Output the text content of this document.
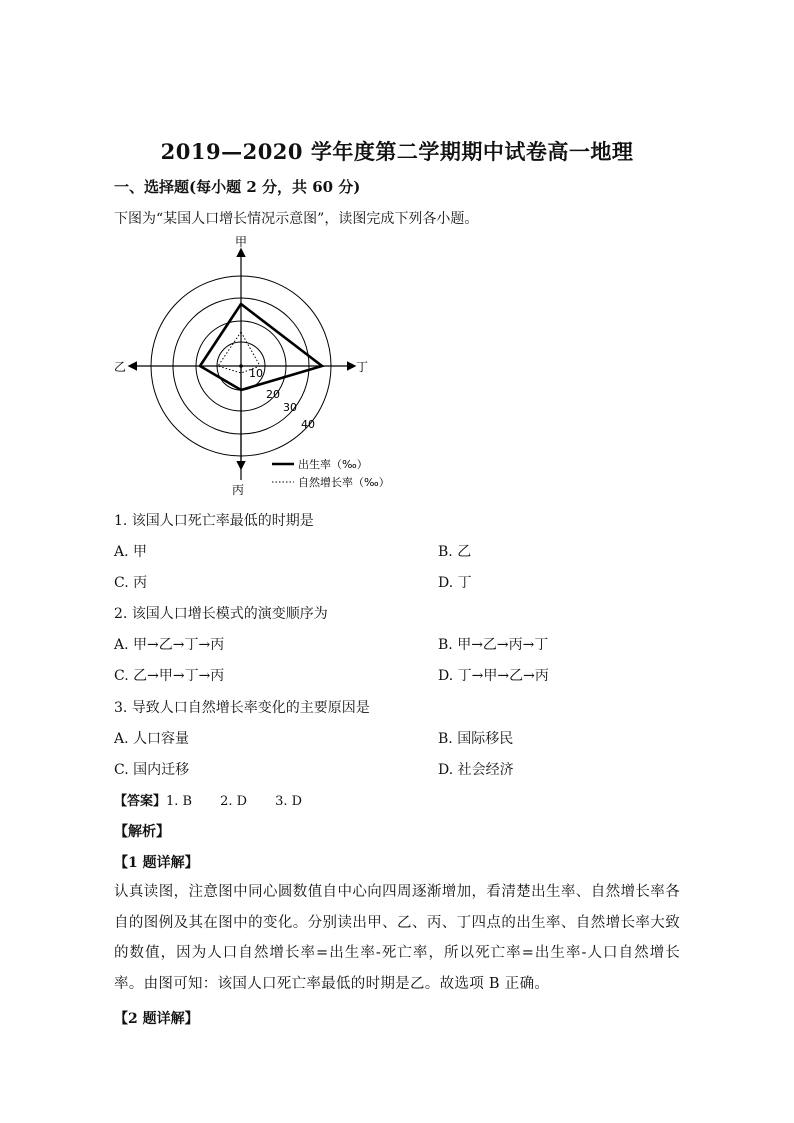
2019—2020 学年度第二学期期中试卷高一地理
一、选择题(每小题 2 分，共 60 分)
下图为“某国人口增长情况示意图”，读图完成下列各小题。
甲
乙	丁
丙
10
20
30
40
出生率（‰）
自然增长率（‰）
1. 该国人口死亡率最低的时期是
A. 甲	B. 乙
C. 丙	D. 丁
2. 该国人口增长模式的演变顺序为
A. 甲→乙→丁→丙	B. 甲→乙→丙→丁
C. 乙→甲→丁→丙	D. 丁→甲→乙→丙
3. 导致人口自然增长率变化的主要原因是
A. 人口容量	B. 国际移民
C. 国内迁移	D. 社会经济
【答案】1. B 2. D 3. D
【解析】
【1 题详解】
认真读图，注意图中同心圆数值自中心向四周逐渐增加，看清楚出生率、自然增长率各自的图例及其在图中的变化。分别读出甲、乙、丙、丁四点的出生率、自然增长率大致的数值，因为人口自然增长率=出生率-死亡率，所以死亡率=出生率-人口自然增长率。由图可知：该国人口死亡率最低的时期是乙。故选项 B 正确。
【2 题详解】
